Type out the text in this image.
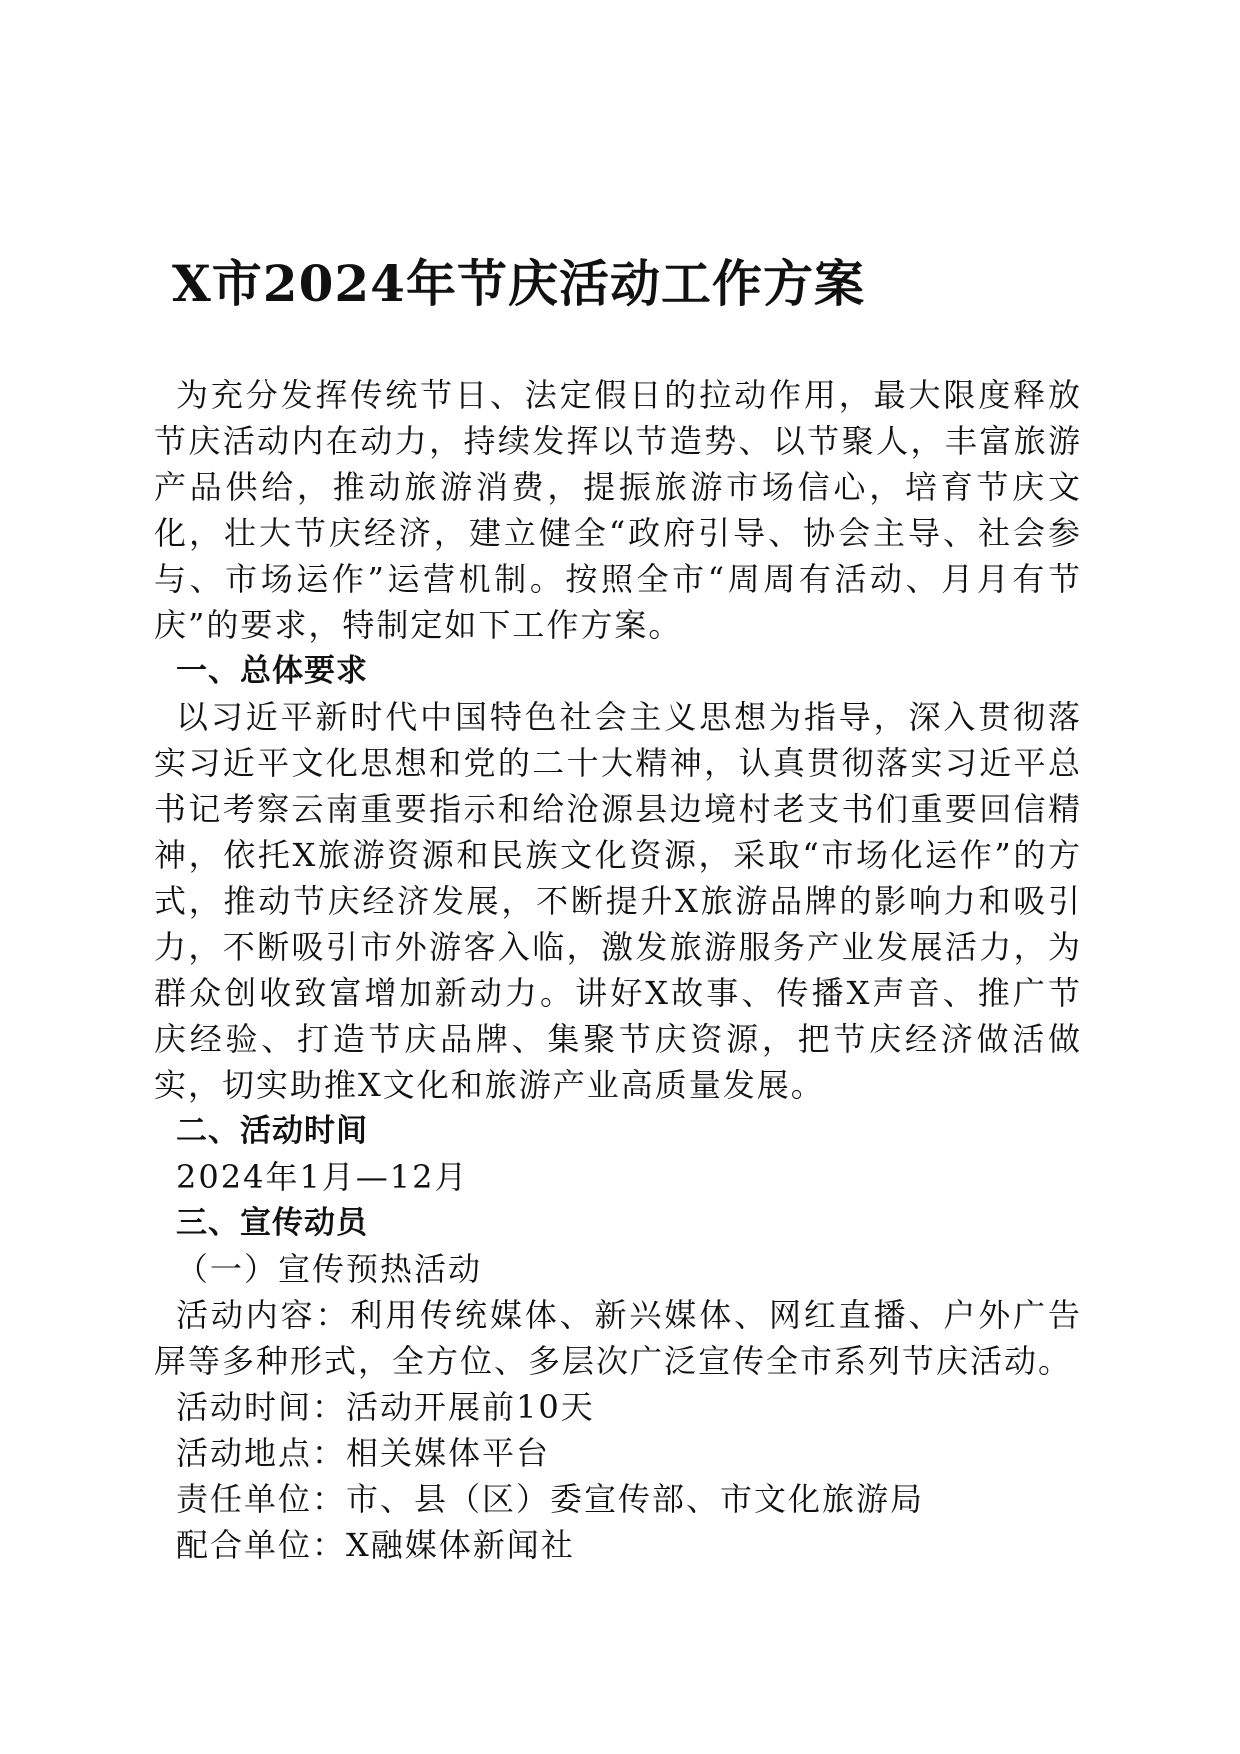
X市2024年节庆活动工作方案

为充分发挥传统节日、法定假日的拉动作用，最大限度释放节庆活动内在动力，持续发挥以节造势、以节聚人，丰富旅游产品供给，推动旅游消费，提振旅游市场信心，培育节庆文化，壮大节庆经济，建立健全“政府引导、协会主导、社会参与、市场运作”运营机制。按照全市“周周有活动、月月有节庆”的要求，特制定如下工作方案。

一、总体要求

以习近平新时代中国特色社会主义思想为指导，深入贯彻落实习近平文化思想和党的二十大精神，认真贯彻落实习近平总书记考察云南重要指示和给沧源县边境村老支书们重要回信精神，依托X旅游资源和民族文化资源，采取“市场化运作”的方式，推动节庆经济发展，不断提升X旅游品牌的影响力和吸引力，不断吸引市外游客入临，激发旅游服务产业发展活力，为群众创收致富增加新动力。讲好X故事、传播X声音、推广节庆经验、打造节庆品牌、集聚节庆资源，把节庆经济做活做实，切实助推X文化和旅游产业高质量发展。

二、活动时间

2024年1月—12月

三、宣传动员

（一）宣传预热活动

活动内容：利用传统媒体、新兴媒体、网红直播、户外广告屏等多种形式，全方位、多层次广泛宣传全市系列节庆活动。

活动时间：活动开展前10天

活动地点：相关媒体平台

责任单位：市、县（区）委宣传部、市文化旅游局

配合单位：X融媒体新闻社
